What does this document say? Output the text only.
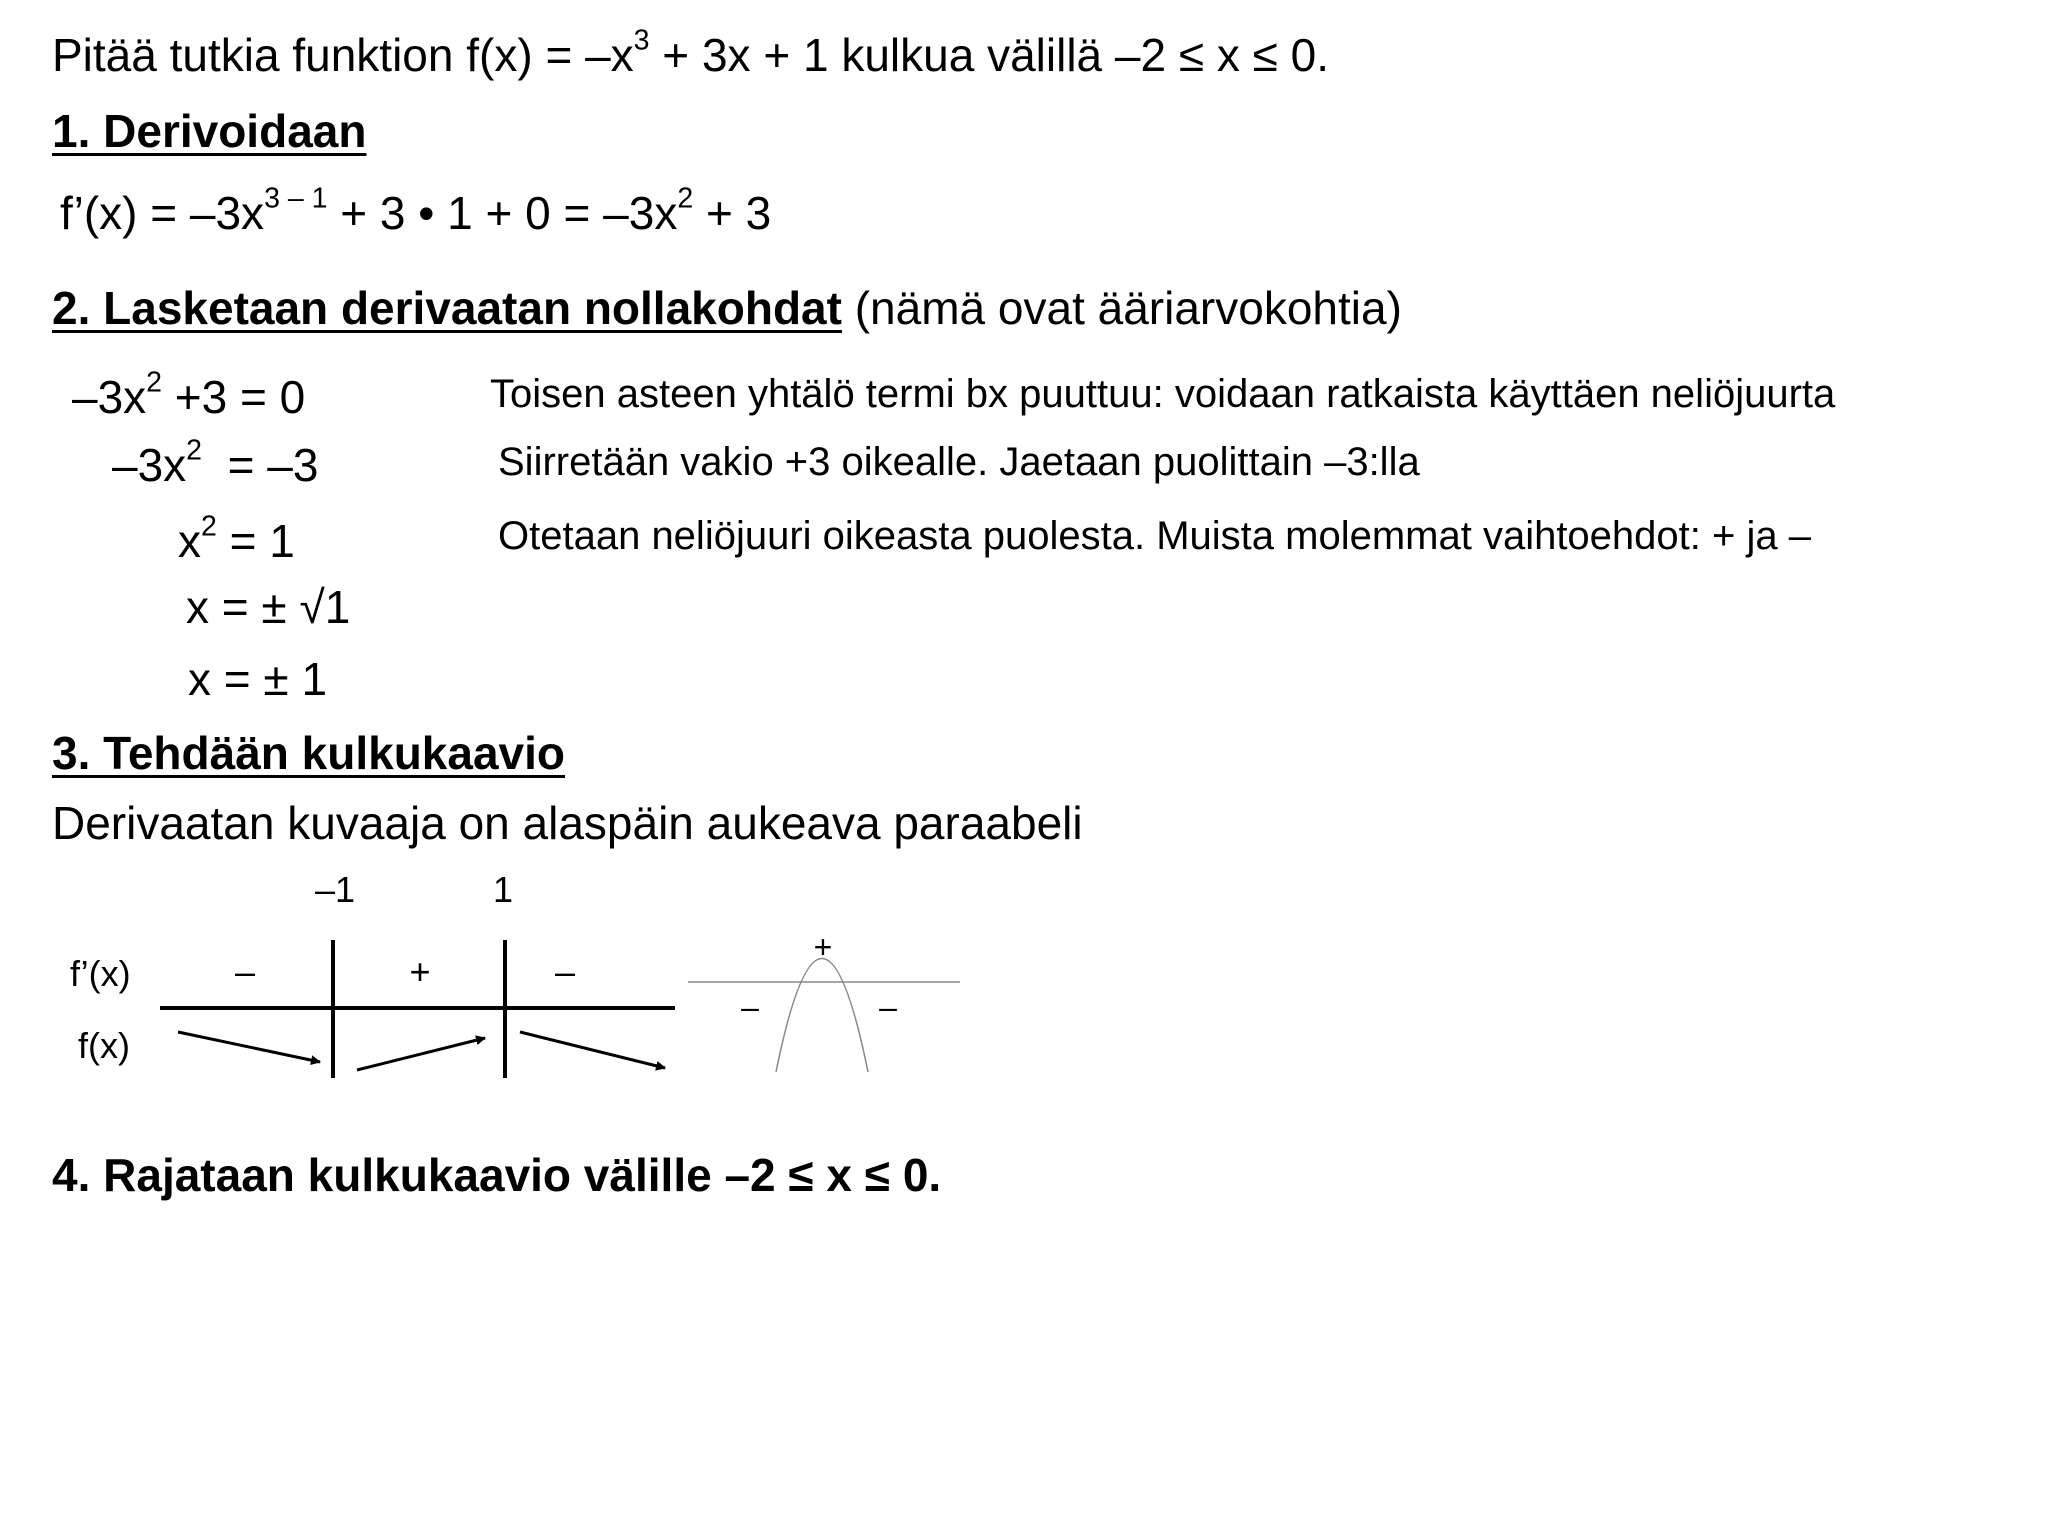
Pitää tutkia funktion $f(x) = -x^3 + 3x + 1$ kulkua välillä –2 ≤ x ≤ 0.
1. Derivoidaan
f’(x) = $-3x^{3 - 1} + 3$ • $1 + 0 = -3x^2 + 3$
2. Lasketaan derivaatan nollakohdat (nämä ovat ääriarvokohtia)
$-3x^2 +3 = 0$
$-3x^2 = -3$
$x^2 = 1$
x = ± √1
x = ± 1
Toisen asteen yhtälö termi bx puuttuu: voidaan ratkaista käyttäen neliöjuurta
Siirretään vakio +3 oikealle. Jaetaan puolittain –3:lla
Otetaan neliöjuuri oikeasta puolesta. Muista molemmat vaihtoehdot: + ja –
3. Tehdään kulkukaavio
Derivaatan kuvaaja on alaspäin aukeava paraabeli
–1	1
f’(x)
f(x)
–	+	–
+
–	–
4. Rajataan kulkukaavio välille –2 ≤ x ≤ 0.
